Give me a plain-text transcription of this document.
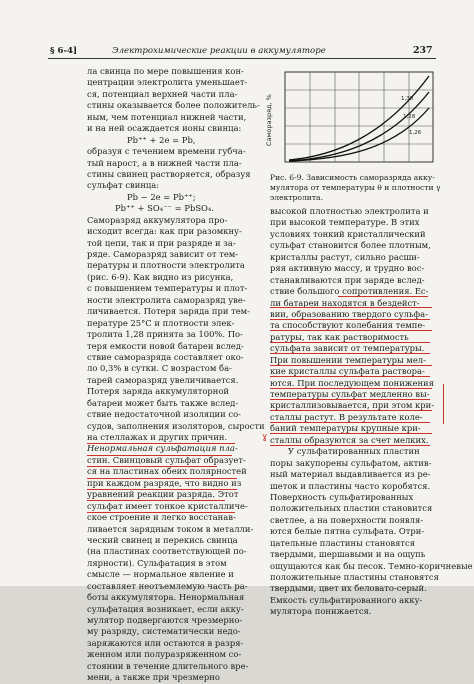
§ 6-4]	Электрохимические реакции в аккумуляторе	237
ла свинца по мере повышения кон-
центрации электролита уменьшает-
ся, потенциал верхней части пла-
стины оказывается более положитель-
ным, чем потенциал нижней части,
и на ней осаждается ионы свинца:
Pb⁺⁺ + 2e = Pb,
образуя с течением времени губча-
тый нарост, а в нижней части пла-
стины свинец растворяется, образуя
сульфат свинца:
Pb − 2e = Pb⁺⁺;
Pb⁺⁺ + SO₄⁻⁻ = PbSO₄.
Саморазряд аккумулятора про-
исходит всегда: как при разомкну-
той цепи, так и при разряде и за-
ряде. Саморазряд зависит от тем-
пературы и плотности электролита
(рис. 6-9). Как видно из рисунка,
с повышением температуры и плот-
ности электролита саморазряд уве-
личивается. Потеря заряда при тем-
пературе 25°С и плотности элек-
тролита 1,28 принята за 100%. По-
теря емкости новой батареи вслед-
ствие саморазряда составляет око-
ло 0,3% в сутки. С возрастом ба-
тарей саморазряд увеличивается.
Потеря заряда аккумуляторной
батареи может быть также вслед-
ствие недостаточной изоляции со-
судов, заполнения изоляторов, сырости
на стеллажах и других причин.
Ненормальная сульфатация пла-
стин. Свинцовый сульфат образует-
ся на пластинах обеих полярностей
при каждом разряде, что видно из
уравнений реакции разряда. Этот
сульфат имеет тонкое кристалличе-
ское строение и легко восстанав-
ливается зарядным током в металли-
ческий свинец и перекись свинца
(на пластинах соответствующей по-
лярности). Сульфатация в этом
смысле — нормальное явление и
составляет неотъемлемую часть ра-
боты аккумулятора. Ненормальная
сульфатация возникает, если акку-
мулятор подвергаются чрезмерно-
му разряду, систематически недо-
заряжаются или остаются в разря-
женном или полуразряженном со-
стоянии в течение длительного вре-
мени, а также при чрезмерно
Саморазряд, %	1,30
1,28
1,26
Рис. 6-9. Зависимость саморазряда акку-
мулятора от температуры θ и плотности γ
электролита.
высокой плотностью электролита и
при высокой температуре. В этих
условиях тонкий кристаллический
сульфат становится более плотным,
кристаллы растут, сильно расши-
ряя активную массу, и трудно вос-
станавливаются при заряде вслед-
ствие большого сопротивления. Ес-
ли батареи находятся в бездейст-
вии, образованию твердого сульфа-
та способствуют колебания темпе-
ратуры, так как растворимость
сульфата зависит от температуры.
При повышении температуры мел-
кие кристаллы сульфата раствора-
ются. При последующем понижения
температуры сульфат медленно вы-
кристаллизовывается, при этом кри-
сталлы растут. В результате коле-
баний температуры крупные кри-
сталлы образуются за счет мелких.
У сульфатированных пластин
поры закупорены сульфатом, актив-
ный материал выдавливается из ре-
шеток и пластины часто коробятся.
Поверхность сульфатированных
положительных пластин становится
светлее, а на поверхности появля-
ются белые пятна сульфата. Отри-
цательные пластины становятся
твердыми, шершавыми и на ощупь
ощущаются как бы песок. Темно-коричневые
положительные пластины становятся
твердыми, цвет их беловато-серый.
Емкость сульфатированного акку-
мулятора понижается.
ɣ
